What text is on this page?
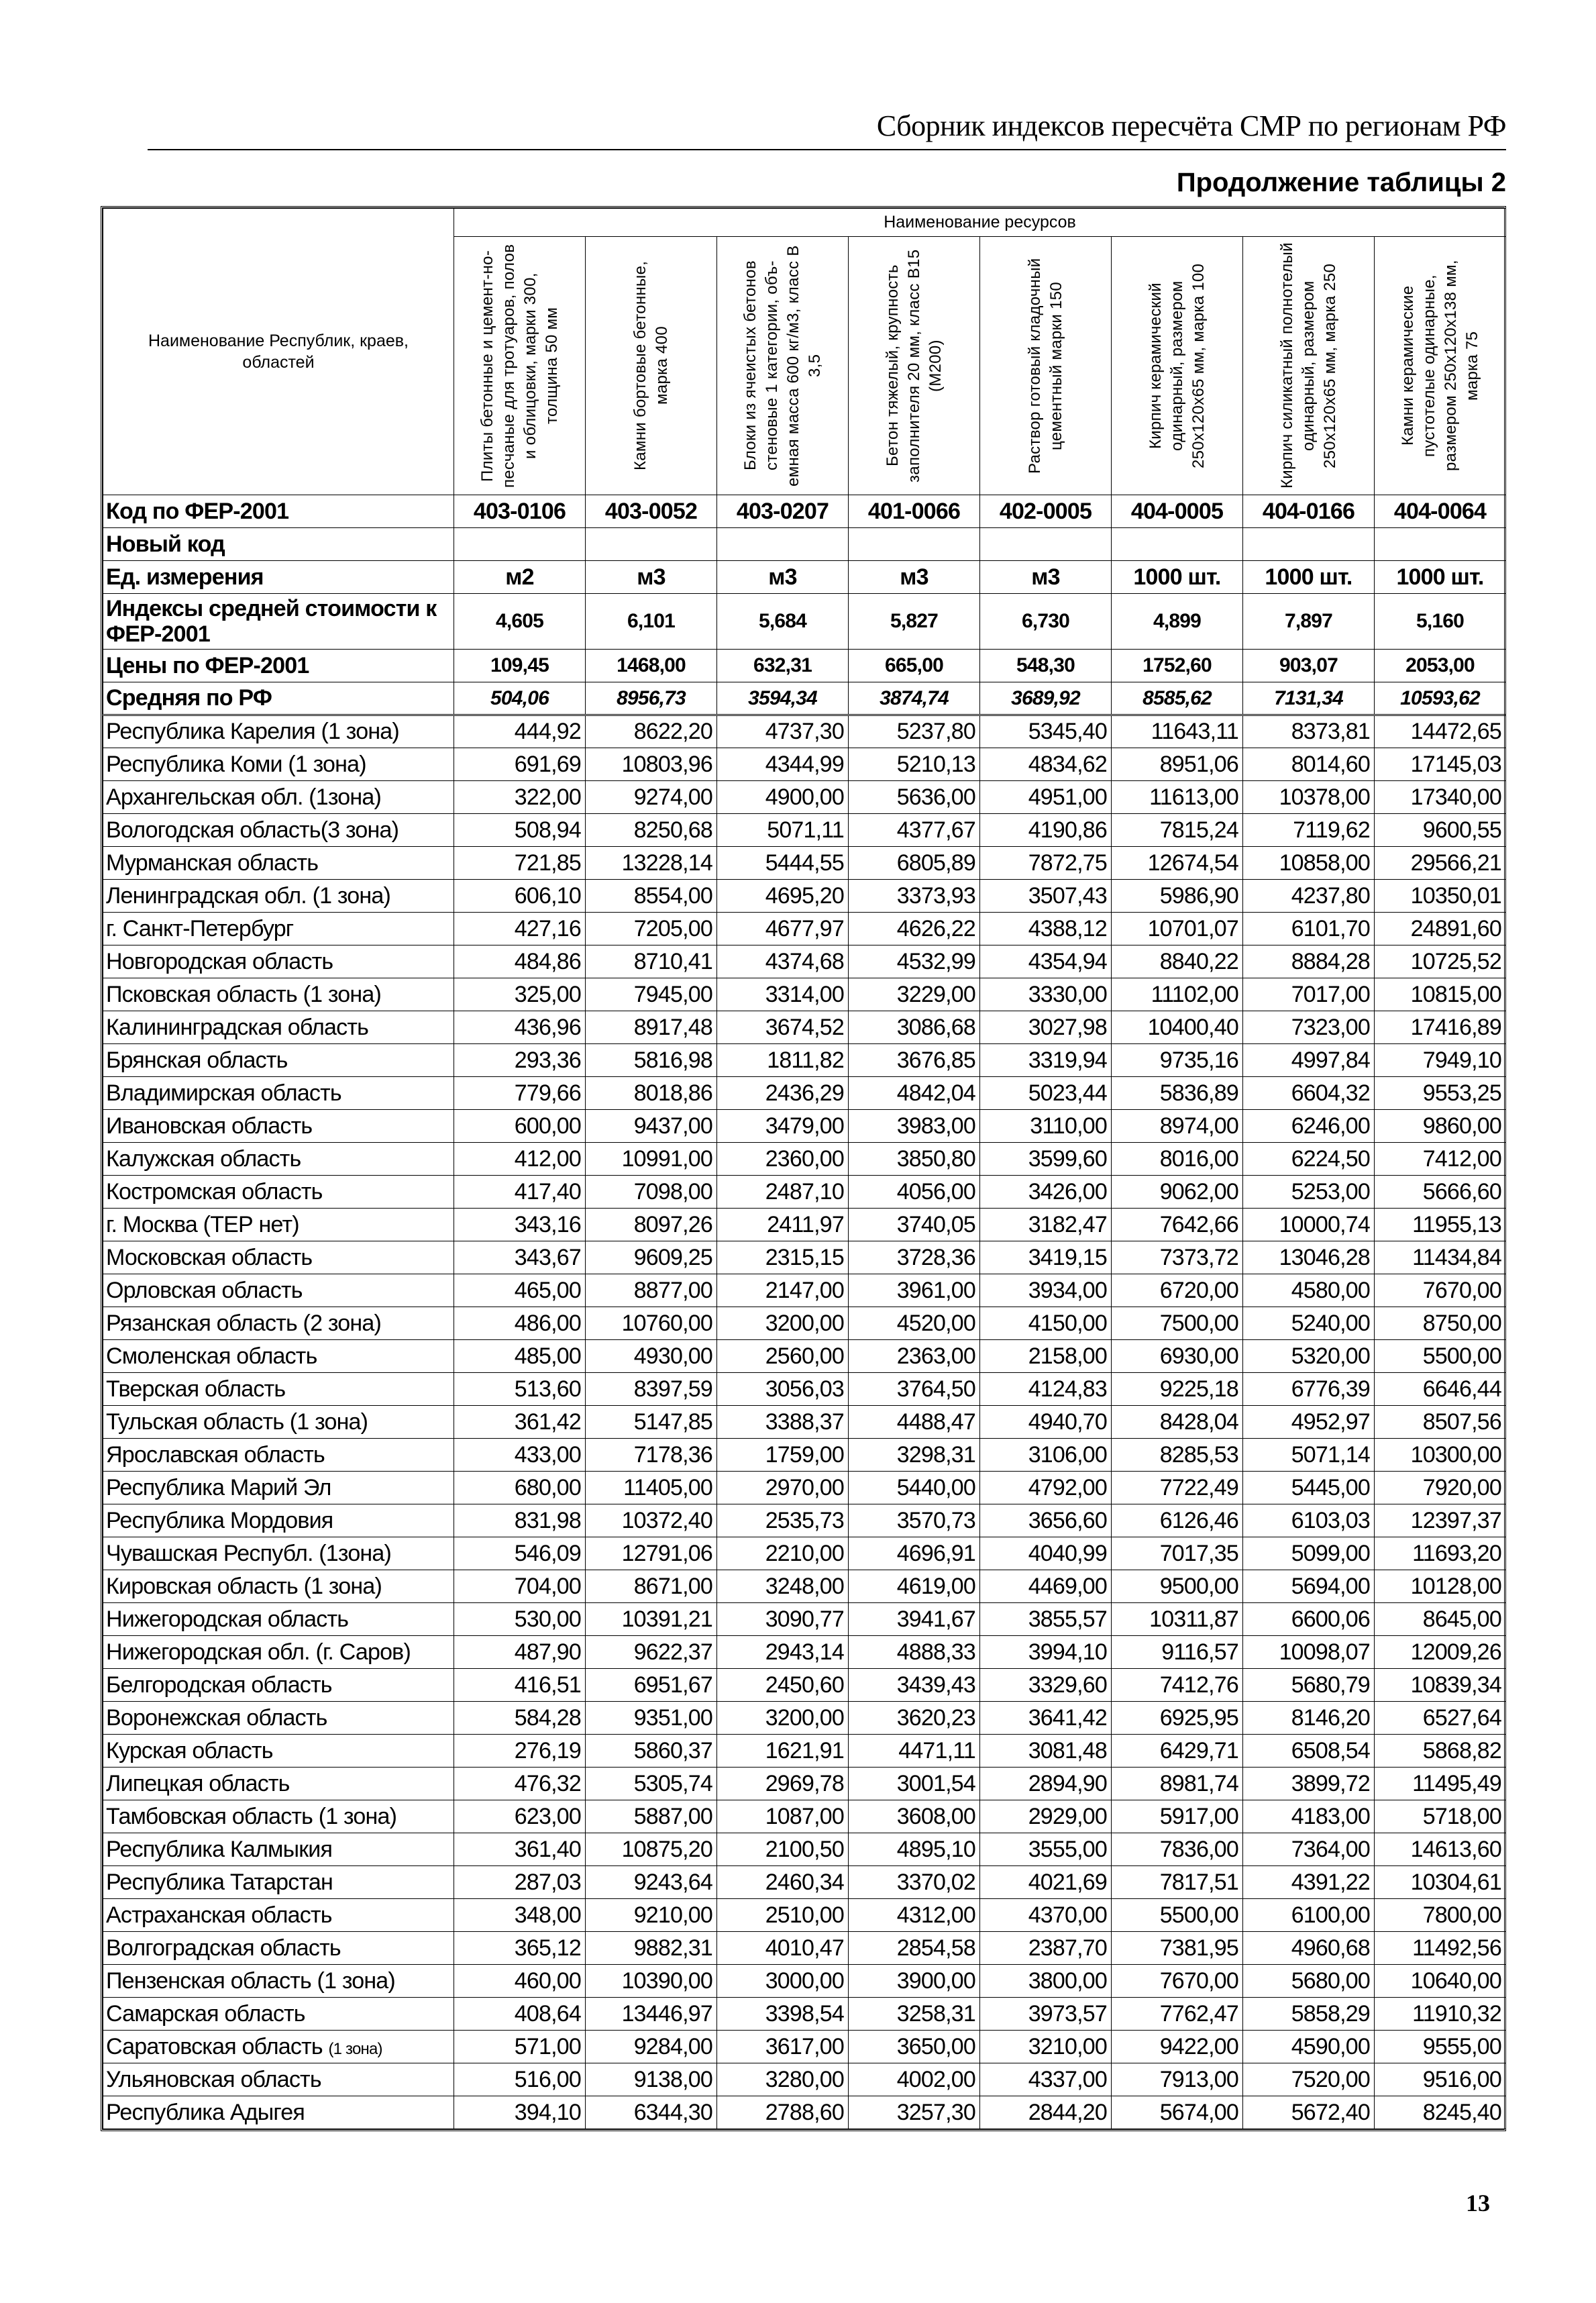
Сборник индексов пересчёта СМР по регионам РФ
Продолжение таблицы 2
Наименование Республик, краев, областей	Наименование ресурсов							

	Плиты бетонные и цемент-но-песчаные для тротуаров, полов и облицовки, марки 300, толщина 50 мм	Камни бортовые бетонные, марка 400	Блоки из ячеистых бетонов стеновые 1 категории, объ-емная масса 600 кг/м3, класс В 3,5	Бетон тяжелый, крупность заполнителя 20 мм, класс В15 (М200)	Раствор готовый кладочный цементный марки 150	Кирпич керамический одинарный, размером 250х120х65 мм, марка 100	Кирпич силикатный полнотелый одинарный, размером 250х120х65 мм, марка 250	Камни керамические пустотелые одинарные, размером 250х120х138 мм, марка 75

Код по ФЕР-2001	403-0106	403-0052	403-0207	401-0066	402-0005	404-0005	404-0166	404-0064
Новый код								
Ед. измерения	м2	м3	м3	м3	м3	1000 шт.	1000 шт.	1000 шт.
Индексы средней стоимости к ФЕР-2001	4,605	6,101	5,684	5,827	6,730	4,899	7,897	5,160
Цены по ФЕР-2001	109,45	1468,00	632,31	665,00	548,30	1752,60	903,07	2053,00
Средняя по РФ	504,06	8956,73	3594,34	3874,74	3689,92	8585,62	7131,34	10593,62
Республика Карелия (1 зона)	444,92	8622,20	4737,30	5237,80	5345,40	11643,11	8373,81	14472,65
Республика Коми (1 зона)	691,69	10803,96	4344,99	5210,13	4834,62	8951,06	8014,60	17145,03
Архангельская обл. (1зона)	322,00	9274,00	4900,00	5636,00	4951,00	11613,00	10378,00	17340,00
Вологодская область(3 зона)	508,94	8250,68	5071,11	4377,67	4190,86	7815,24	7119,62	9600,55
Мурманская область	721,85	13228,14	5444,55	6805,89	7872,75	12674,54	10858,00	29566,21
Ленинградская обл. (1 зона)	606,10	8554,00	4695,20	3373,93	3507,43	5986,90	4237,80	10350,01
г. Санкт-Петербург	427,16	7205,00	4677,97	4626,22	4388,12	10701,07	6101,70	24891,60
Новгородская область	484,86	8710,41	4374,68	4532,99	4354,94	8840,22	8884,28	10725,52
Псковская область (1 зона)	325,00	7945,00	3314,00	3229,00	3330,00	11102,00	7017,00	10815,00
Калининградская область	436,96	8917,48	3674,52	3086,68	3027,98	10400,40	7323,00	17416,89
Брянская область	293,36	5816,98	1811,82	3676,85	3319,94	9735,16	4997,84	7949,10
Владимирская область	779,66	8018,86	2436,29	4842,04	5023,44	5836,89	6604,32	9553,25
Ивановская область	600,00	9437,00	3479,00	3983,00	3110,00	8974,00	6246,00	9860,00
Калужская область	412,00	10991,00	2360,00	3850,80	3599,60	8016,00	6224,50	7412,00
Костромская область	417,40	7098,00	2487,10	4056,00	3426,00	9062,00	5253,00	5666,60
г. Москва (ТЕР нет)	343,16	8097,26	2411,97	3740,05	3182,47	7642,66	10000,74	11955,13
Московская область	343,67	9609,25	2315,15	3728,36	3419,15	7373,72	13046,28	11434,84
Орловская область	465,00	8877,00	2147,00	3961,00	3934,00	6720,00	4580,00	7670,00
Рязанская область (2 зона)	486,00	10760,00	3200,00	4520,00	4150,00	7500,00	5240,00	8750,00
Смоленская область	485,00	4930,00	2560,00	2363,00	2158,00	6930,00	5320,00	5500,00
Тверская область	513,60	8397,59	3056,03	3764,50	4124,83	9225,18	6776,39	6646,44
Тульская область (1 зона)	361,42	5147,85	3388,37	4488,47	4940,70	8428,04	4952,97	8507,56
Ярославская область	433,00	7178,36	1759,00	3298,31	3106,00	8285,53	5071,14	10300,00
Республика Марий Эл	680,00	11405,00	2970,00	5440,00	4792,00	7722,49	5445,00	7920,00
Республика Мордовия	831,98	10372,40	2535,73	3570,73	3656,60	6126,46	6103,03	12397,37
Чувашская Республ. (1зона)	546,09	12791,06	2210,00	4696,91	4040,99	7017,35	5099,00	11693,20
Кировская область (1 зона)	704,00	8671,00	3248,00	4619,00	4469,00	9500,00	5694,00	10128,00
Нижегородская область	530,00	10391,21	3090,77	3941,67	3855,57	10311,87	6600,06	8645,00
Нижегородская обл. (г. Саров)	487,90	9622,37	2943,14	4888,33	3994,10	9116,57	10098,07	12009,26
Белгородская область	416,51	6951,67	2450,60	3439,43	3329,60	7412,76	5680,79	10839,34
Воронежская область	584,28	9351,00	3200,00	3620,23	3641,42	6925,95	8146,20	6527,64
Курская область	276,19	5860,37	1621,91	4471,11	3081,48	6429,71	6508,54	5868,82
Липецкая область	476,32	5305,74	2969,78	3001,54	2894,90	8981,74	3899,72	11495,49
Тамбовская область (1 зона)	623,00	5887,00	1087,00	3608,00	2929,00	5917,00	4183,00	5718,00
Республика Калмыкия	361,40	10875,20	2100,50	4895,10	3555,00	7836,00	7364,00	14613,60
Республика Татарстан	287,03	9243,64	2460,34	3370,02	4021,69	7817,51	4391,22	10304,61
Астраханская область	348,00	9210,00	2510,00	4312,00	4370,00	5500,00	6100,00	7800,00
Волгоградская область	365,12	9882,31	4010,47	2854,58	2387,70	7381,95	4960,68	11492,56
Пензенская область (1 зона)	460,00	10390,00	3000,00	3900,00	3800,00	7670,00	5680,00	10640,00
Самарская область	408,64	13446,97	3398,54	3258,31	3973,57	7762,47	5858,29	11910,32
Саратовская область (1 зона)	571,00	9284,00	3617,00	3650,00	3210,00	9422,00	4590,00	9555,00
Ульяновская область	516,00	9138,00	3280,00	4002,00	4337,00	7913,00	7520,00	9516,00
Республика Адыгея	394,10	6344,30	2788,60	3257,30	2844,20	5674,00	5672,40	8245,40
13
